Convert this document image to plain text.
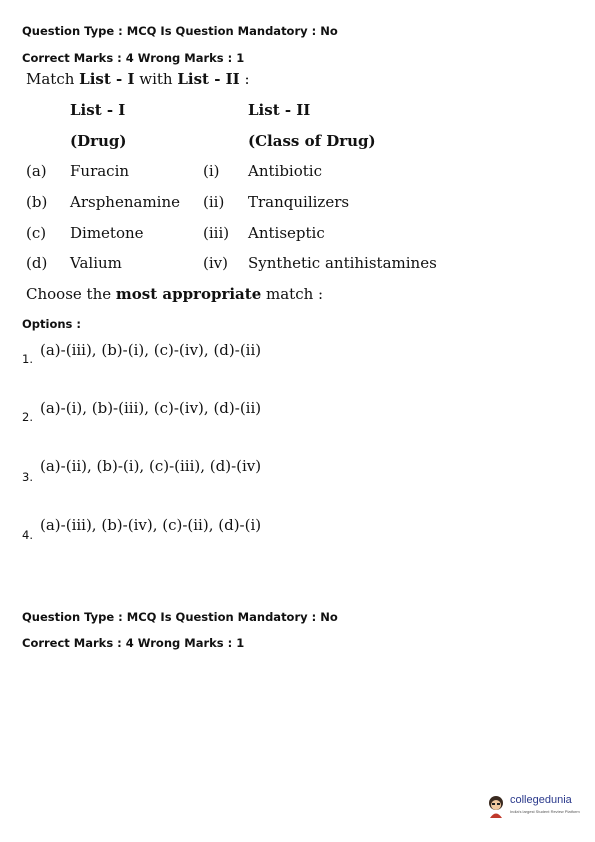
Question Type : MCQ Is Question Mandatory : No
Correct Marks : 4 Wrong Marks : 1
Match List - I with List - II :
List - I	List - II
(Drug)	(Class of Drug)
(a) Furacin	(i) Antibiotic
(b) Arsphenamine (ii) Tranquilizers
(c) Dimetone	(iii) Antiseptic
(d) Valium	(iv) Synthetic antihistamines
Choose the most appropriate match :
Options :
1. (a)-(iii), (b)-(i), (c)-(iv), (d)-(ii)
2. (a)-(i), (b)-(iii), (c)-(iv), (d)-(ii)
3.
(a)-(ii), (b)-(i), (c)-(iii), (d)-(iv)
4.
(a)-(iii), (b)-(iv), (c)-(ii), (d)-(i)
Question Type : MCQ Is Question Mandatory : No
Correct Marks : 4 Wrong Marks : 1
collegedunia
India's largest Student Review Platform
